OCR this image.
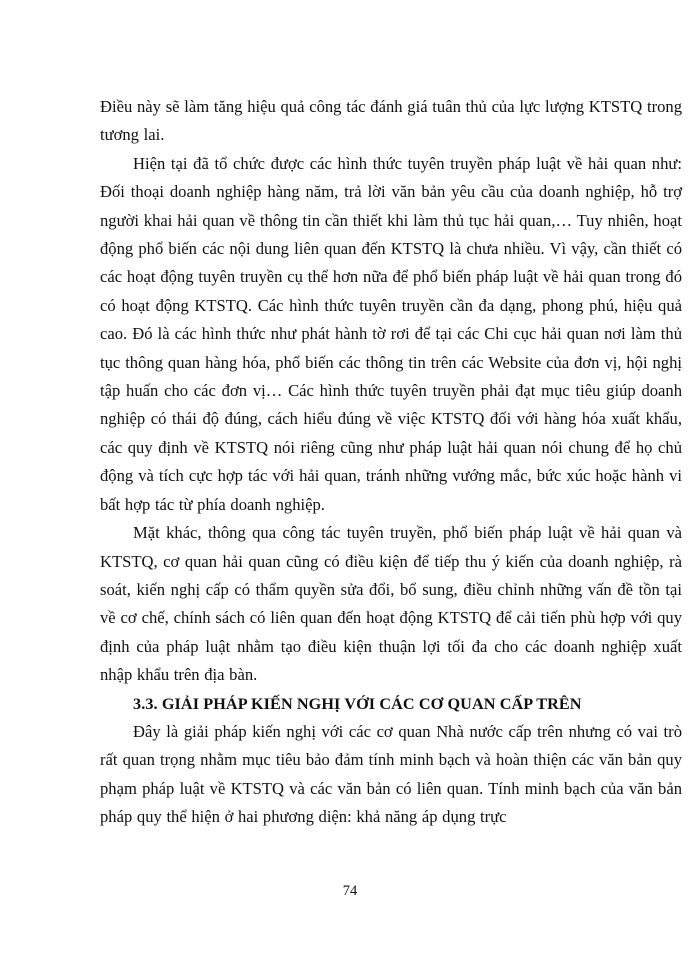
Điều này sẽ làm tăng hiệu quả công tác đánh giá tuân thủ của lực lượng KTSTQ trong tương lai.

Hiện tại đã tổ chức được các hình thức tuyên truyền pháp luật về hải quan như: Đối thoại doanh nghiệp hàng năm, trả lời văn bản yêu cầu của doanh nghiệp, hỗ trợ người khai hải quan về thông tin cần thiết khi làm thủ tục hải quan,… Tuy nhiên, hoạt động phổ biến các nội dung liên quan đến KTSTQ là chưa nhiều. Vì vậy, cần thiết có các hoạt động tuyên truyền cụ thể hơn nữa để phổ biến pháp luật về hải quan trong đó có hoạt động KTSTQ. Các hình thức tuyên truyền cần đa dạng, phong phú, hiệu quả cao. Đó là các hình thức như phát hành tờ rơi để tại các Chi cục hải quan nơi làm thủ tục thông quan hàng hóa, phổ biến các thông tin trên các Website của đơn vị, hội nghị tập huấn cho các đơn vị… Các hình thức tuyên truyền phải đạt mục tiêu giúp doanh nghiệp có thái độ đúng, cách hiểu đúng về việc KTSTQ đối với hàng hóa xuất khẩu, các quy định về KTSTQ nói riêng cũng như pháp luật hải quan nói chung để họ chủ động và tích cực hợp tác với hải quan, tránh những vướng mắc, bức xúc hoặc hành vi bất hợp tác từ phía doanh nghiệp.

Mặt khác, thông qua công tác tuyên truyền, phổ biến pháp luật về hải quan và KTSTQ, cơ quan hải quan cũng có điều kiện để tiếp thu ý kiến của doanh nghiệp, rà soát, kiến nghị cấp có thẩm quyền sửa đổi, bổ sung, điều chỉnh những vấn đề tồn tại về cơ chế, chính sách có liên quan đến hoạt động KTSTQ để cải tiến phù hợp với quy định của pháp luật nhằm tạo điều kiện thuận lợi tối đa cho các doanh nghiệp xuất nhập khẩu trên địa bàn.

3.3. GIẢI PHÁP KIẾN NGHỊ VỚI CÁC CƠ QUAN CẤP TRÊN

Đây là giải pháp kiến nghị với các cơ quan Nhà nước cấp trên nhưng có vai trò rất quan trọng nhằm mục tiêu bảo đảm tính minh bạch và hoàn thiện các văn bản quy phạm pháp luật về KTSTQ và các văn bản có liên quan. Tính minh bạch của văn bản pháp quy thể hiện ở hai phương diện: khả năng áp dụng trực

74
